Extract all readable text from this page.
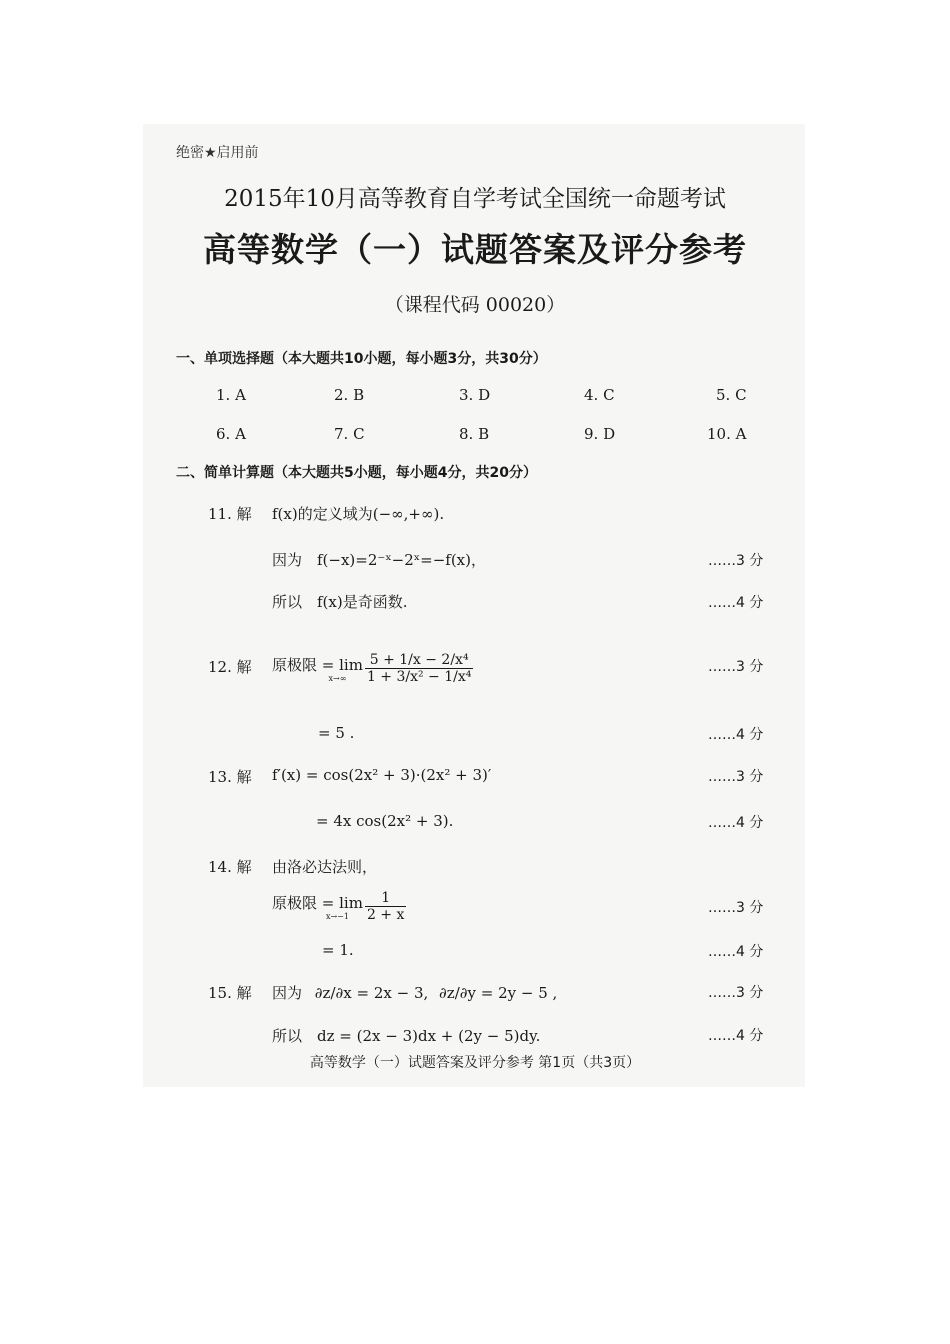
绝密★启用前
2015年10月高等教育自学考试全国统一命题考试
高等数学（一）试题答案及评分参考
（课程代码 00020）
一、单项选择题（本大题共10小题，每小题3分，共30分）
1. A	2. B	3. D	4. C	5. C
6. A	7. C	8. B	9. D	10. A
二、简单计算题（本大题共5小题，每小题4分，共20分）
11. 解 f(x)的定义域为(−∞,+∞).
因为　f(−x)=2⁻ˣ−2ˣ=−f(x)，	……3 分
所以　f(x)是奇函数.	……4 分
12. 解 原极限 = lim
$x\to\infty \frac{\text{5 + 1/x − 2/x⁴}}{\text{1 + 3/x² − 1/x⁴}}$	……3 分
= 5 .	……4 分
13. 解 f′(x) = cos(2x² + 3)·(2x² + 3)′	……3 分
= 4x cos(2x² + 3).	……4 分
14. 解 由洛必达法则，
原极限 = lim
$x\to-1 \frac{1}{2 + x}$	……3 分
= 1.	……4 分
15. 解 因为 ∂z/∂x = 2x − 3, ∂z/∂y = 2y − 5 ,	……3 分
所以　dz = (2x − 3)dx + (2y − 5)dy.	……4 分
高等数学（一）试题答案及评分参考 第1页（共3页）
